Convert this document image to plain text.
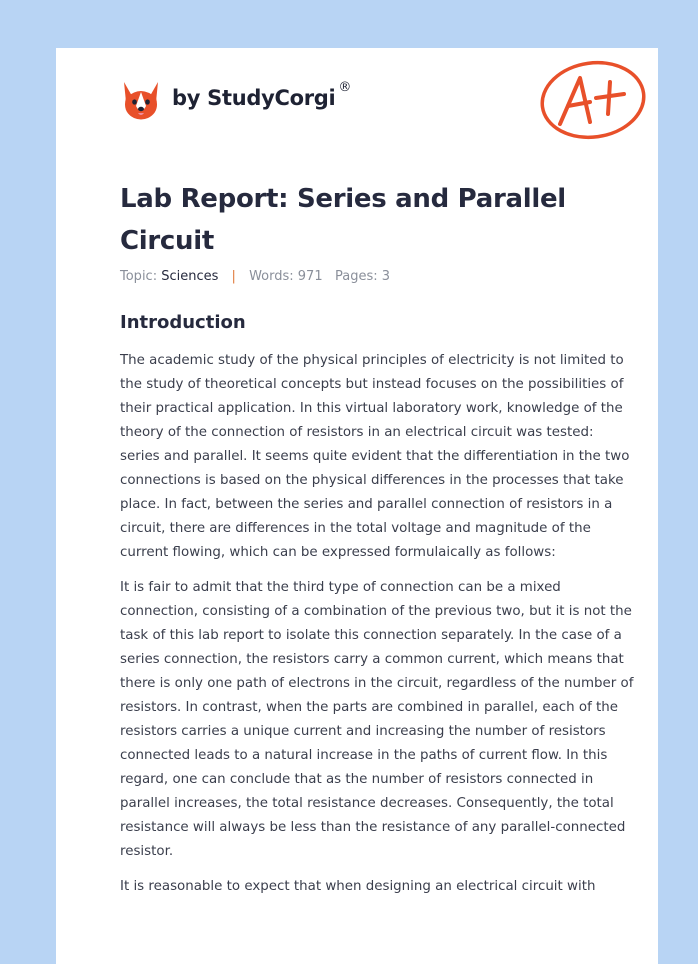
by StudyCorgi ®
Lab Report: Series and Parallel Circuit
Topic: Sciences | Words: 971 Pages: 3
Introduction

The academic study of the physical principles of electricity is not limited to the study of theoretical concepts but instead focuses on the possibilities of their practical application. In this virtual laboratory work, knowledge of the theory of the connection of resistors in an electrical circuit was tested: series and parallel. It seems quite evident that the differentiation in the two connections is based on the physical differences in the processes that take place. In fact, between the series and parallel connection of resistors in a circuit, there are differences in the total voltage and magnitude of the current flowing, which can be expressed formulaically as follows:

It is fair to admit that the third type of connection can be a mixed connection, consisting of a combination of the previous two, but it is not the task of this lab report to isolate this connection separately. In the case of a series connection, the resistors carry a common current, which means that there is only one path of electrons in the circuit, regardless of the number of resistors. In contrast, when the parts are combined in parallel, each of the resistors carries a unique current and increasing the number of resistors connected leads to a natural increase in the paths of current flow. In this regard, one can conclude that as the number of resistors connected in parallel increases, the total resistance decreases. Consequently, the total resistance will always be less than the resistance of any parallel-connected resistor.

It is reasonable to expect that when designing an electrical circuit with
